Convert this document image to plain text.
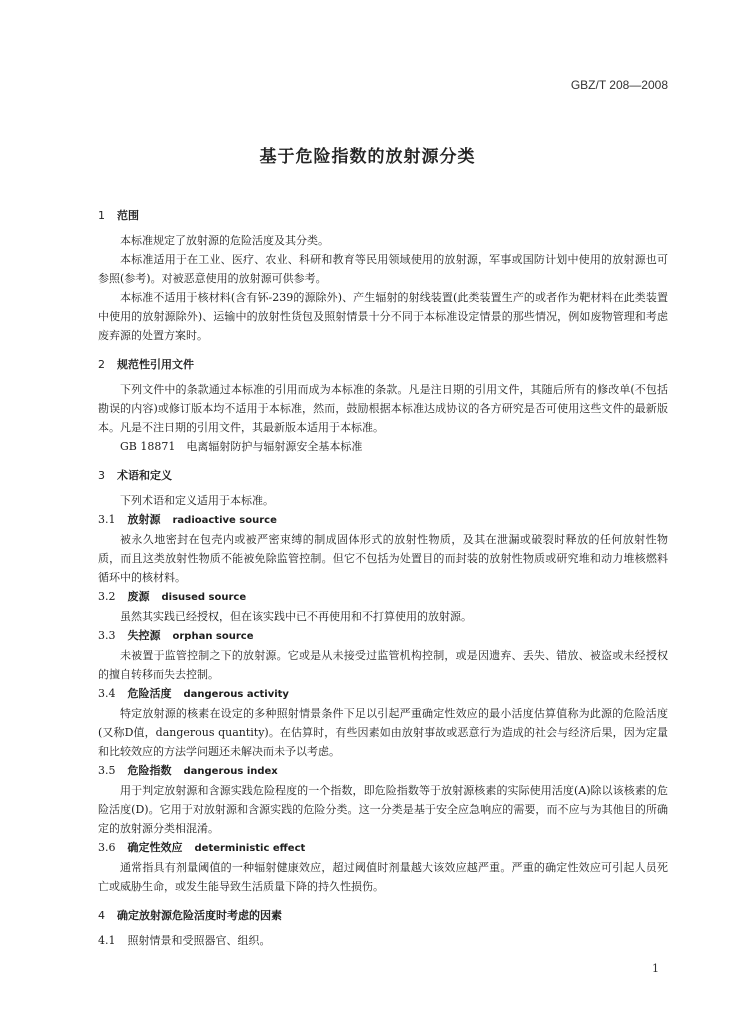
GBZ/T 208—2008
基于危险指数的放射源分类
1 范围

本标准规定了放射源的危险活度及其分类。

本标准适用于在工业、医疗、农业、科研和教育等民用领域使用的放射源，军事或国防计划中使用的放射源也可参照(参考)。对被恶意使用的放射源可供参考。

本标准不适用于核材料(含有钚-239的源除外)、产生辐射的射线装置(此类装置生产的或者作为靶材料在此类装置中使用的放射源除外)、运输中的放射性货包及照射情景十分不同于本标准设定情景的那些情况，例如废物管理和考虑废弃源的处置方案时。

2 规范性引用文件

下列文件中的条款通过本标准的引用而成为本标准的条款。凡是注日期的引用文件，其随后所有的修改单(不包括勘误的内容)或修订版本均不适用于本标准，然而，鼓励根据本标准达成协议的各方研究是否可使用这些文件的最新版本。凡是不注日期的引用文件，其最新版本适用于本标准。

GB 18871　电离辐射防护与辐射源安全基本标准

3 术语和定义

下列术语和定义适用于本标准。

3.1 放射源 radioactive source

被永久地密封在包壳内或被严密束缚的制成固体形式的放射性物质，及其在泄漏或破裂时释放的任何放射性物质，而且这类放射性物质不能被免除监管控制。但它不包括为处置目的而封装的放射性物质或研究堆和动力堆核燃料循环中的核材料。

3.2 废源 disused source

虽然其实践已经授权，但在该实践中已不再使用和不打算使用的放射源。

3.3 失控源 orphan source

未被置于监管控制之下的放射源。它或是从未接受过监管机构控制，或是因遗弃、丢失、错放、被盗或未经授权的擅自转移而失去控制。

3.4 危险活度 dangerous activity

特定放射源的核素在设定的多种照射情景条件下足以引起严重确定性效应的最小活度估算值称为此源的危险活度(又称D值，dangerous quantity)。在估算时，有些因素如由放射事故或恶意行为造成的社会与经济后果，因为定量和比较效应的方法学问题还未解决而未予以考虑。

3.5 危险指数 dangerous index

用于判定放射源和含源实践危险程度的一个指数，即危险指数等于放射源核素的实际使用活度(A)除以该核素的危险活度(D)。它用于对放射源和含源实践的危险分类。这一分类是基于安全应急响应的需要，而不应与为其他目的所确定的放射源分类相混淆。

3.6 确定性效应 deterministic effect

通常指具有剂量阈值的一种辐射健康效应，超过阈值时剂量越大该效应越严重。严重的确定性效应可引起人员死亡或威胁生命，或发生能导致生活质量下降的持久性损伤。

4 确定放射源危险活度时考虑的因素
4.1 照射情景和受照器官、组织。
1
